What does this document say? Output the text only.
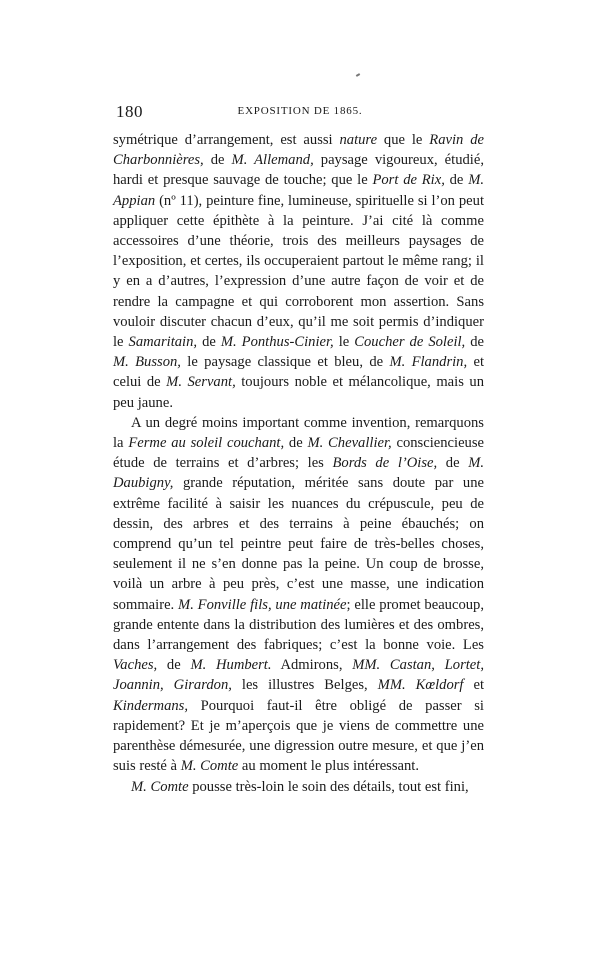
180	EXPOSITION DE 1865.

symétrique d’arrangement, est aussi nature que le Ravin de Charbonnières, de M. Allemand, paysage vigoureux, étudié, hardi et presque sauvage de touche; que le Port de Rix, de M. Appian (nº 11), peinture fine, lumineuse, spirituelle si l’on peut appliquer cette épithète à la peinture. J’ai cité là comme accessoires d’une théorie, trois des meilleurs paysages de l’exposition, et certes, ils occuperaient partout le même rang; il y en a d’autres, l’expression d’une autre façon de voir et de rendre la campagne et qui corroborent mon assertion. Sans vouloir discuter chacun d’eux, qu’il me soit permis d’indiquer le Samaritain, de M. Ponthus-Cinier, le Coucher de Soleil, de M. Busson, le paysage classique et bleu, de M. Flandrin, et celui de M. Servant, toujours noble et mélancolique, mais un peu jaune.

A un degré moins important comme invention, remarquons la Ferme au soleil couchant, de M. Chevallier, consciencieuse étude de terrains et d’arbres; les Bords de l’Oise, de M. Daubigny, grande réputation, méritée sans doute par une extrême facilité à saisir les nuances du crépuscule, peu de dessin, des arbres et des terrains à peine ébauchés; on comprend qu’un tel peintre peut faire de très-belles choses, seulement il ne s’en donne pas la peine. Un coup de brosse, voilà un arbre à peu près, c’est une masse, une indication sommaire. M. Fonville fils, une matinée; elle promet beaucoup, grande entente dans la distribution des lumières et des ombres, dans l’arrangement des fabriques; c’est la bonne voie. Les Vaches, de M. Humbert. Admirons, MM. Castan, Lortet, Joannin, Girardon, les illustres Belges, MM. Kœldorf et Kindermans, Pourquoi faut-il être obligé de passer si rapidement? Et je m’aperçois que je viens de commettre une parenthèse démesurée, une digression outre mesure, et que j’en suis resté à M. Comte au moment le plus intéressant.

M. Comte pousse très-loin le soin des détails, tout est fini,
